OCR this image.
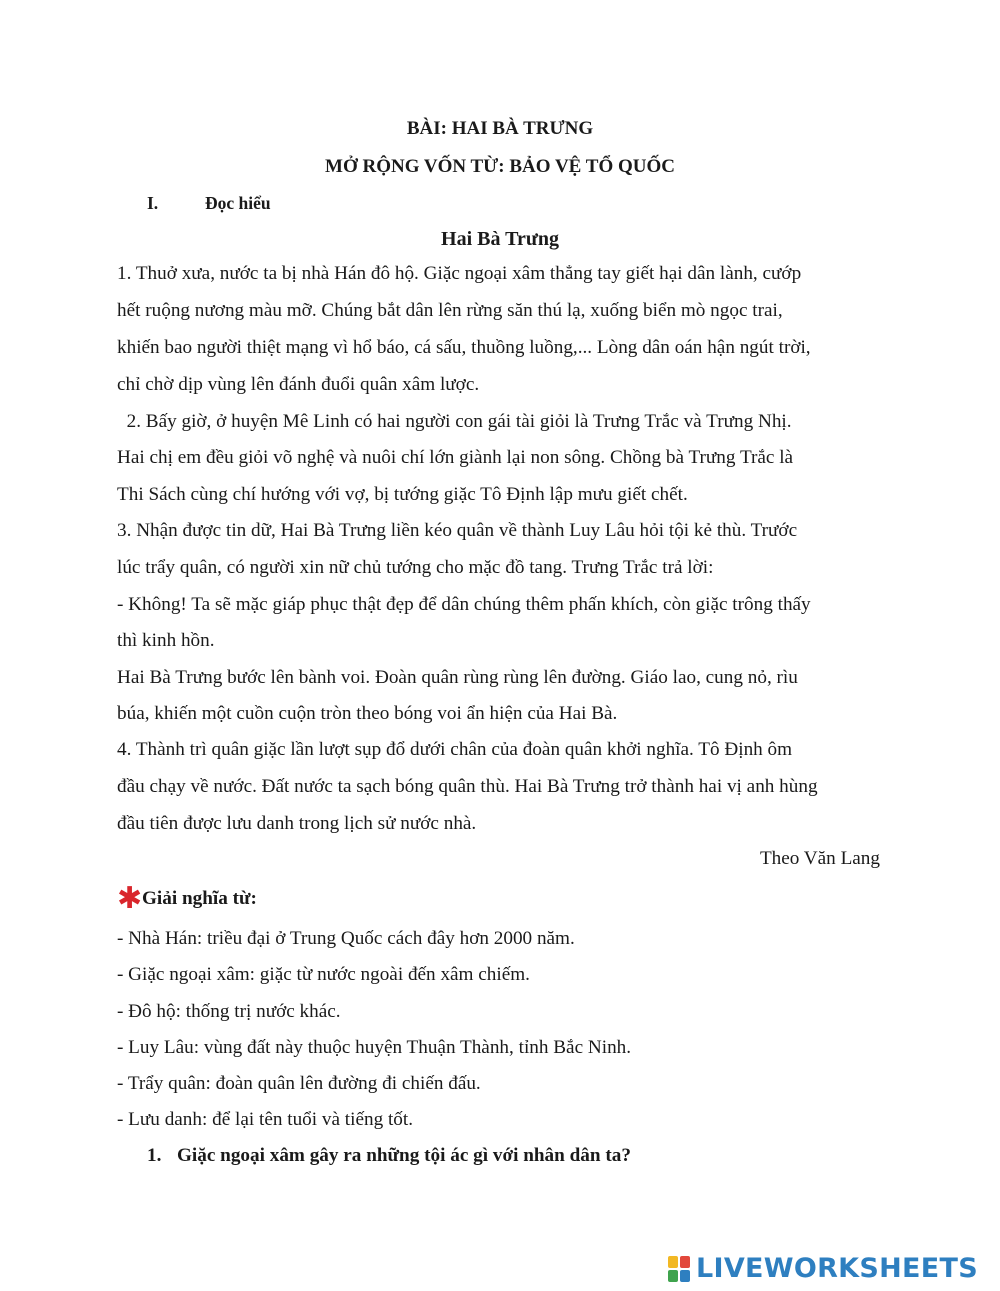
BÀI: HAI BÀ TRƯNG
MỞ RỘNG VỐN TỪ: BẢO VỆ TỔ QUỐC
I.	Đọc hiểu
Hai Bà Trưng
1. Thuở xưa, nước ta bị nhà Hán đô hộ. Giặc ngoại xâm thẳng tay giết hại dân lành, cướp
hết ruộng nương màu mỡ. Chúng bắt dân lên rừng săn thú lạ, xuống biển mò ngọc trai,
khiến bao người thiệt mạng vì hổ báo, cá sấu, thuồng luồng,... Lòng dân oán hận ngút trời,
chỉ chờ dịp vùng lên đánh đuổi quân xâm lược.
2. Bấy giờ, ở huyện Mê Linh có hai người con gái tài giỏi là Trưng Trắc và Trưng Nhị.
Hai chị em đều giỏi võ nghệ và nuôi chí lớn giành lại non sông. Chồng bà Trưng Trắc là
Thi Sách cùng chí hướng với vợ, bị tướng giặc Tô Định lập mưu giết chết.
3. Nhận được tin dữ, Hai Bà Trưng liền kéo quân về thành Luy Lâu hỏi tội kẻ thù. Trước
lúc trẩy quân, có người xin nữ chủ tướng cho mặc đồ tang. Trưng Trắc trả lời:
- Không! Ta sẽ mặc giáp phục thật đẹp để dân chúng thêm phấn khích, còn giặc trông thấy
thì kinh hồn.
Hai Bà Trưng bước lên bành voi. Đoàn quân rùng rùng lên đường. Giáo lao, cung nỏ, rìu
búa, khiến một cuồn cuộn tròn theo bóng voi ẩn hiện của Hai Bà.
4. Thành trì quân giặc lần lượt sụp đổ dưới chân của đoàn quân khởi nghĩa. Tô Định ôm
đầu chạy về nước. Đất nước ta sạch bóng quân thù. Hai Bà Trưng trở thành hai vị anh hùng
đầu tiên được lưu danh trong lịch sử nước nhà.
Theo Văn Lang
✱ Giải nghĩa từ:
- Nhà Hán: triều đại ở Trung Quốc cách đây hơn 2000 năm.
- Giặc ngoại xâm: giặc từ nước ngoài đến xâm chiếm.
- Đô hộ: thống trị nước khác.
- Luy Lâu: vùng đất này thuộc huyện Thuận Thành, tỉnh Bắc Ninh.
- Trẩy quân: đoàn quân lên đường đi chiến đấu.
- Lưu danh: để lại tên tuổi và tiếng tốt.
1. Giặc ngoại xâm gây ra những tội ác gì với nhân dân ta?
LIVEWORKSHEETS
